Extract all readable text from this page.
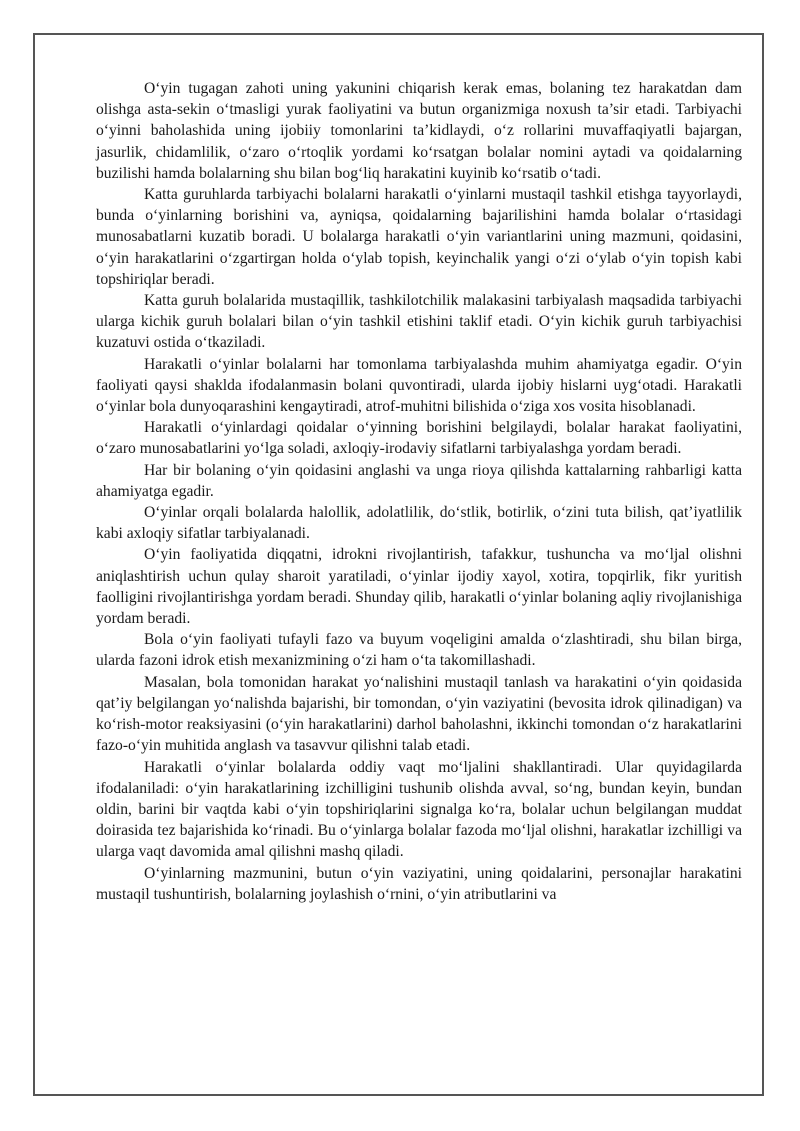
O‘yin tugagan zahoti uning yakunini chiqarish kerak emas, bolaning tez harakatdan dam olishga asta-sekin o‘tmasligi yurak faoliyatini va butun organizmiga noxush ta’sir etadi. Tarbiyachi o‘yinni baholashida uning ijobiiy tomonlarini ta’kidlaydi, o‘z rollarini muvaffaqiyatli bajargan, jasurlik, chidamlilik, o‘zaro o‘rtoqlik yordami ko‘rsatgan bolalar nomini aytadi va qoidalarning buzilishi hamda bolalarning shu bilan bog‘liq harakatini kuyinib ko‘rsatib o‘tadi.

Katta guruhlarda tarbiyachi bolalarni harakatli o‘yinlarni mustaqil tashkil etishga tayyorlaydi, bunda o‘yinlarning borishini va, ayniqsa, qoidalarning bajarilishini hamda bolalar o‘rtasidagi munosabatlarni kuzatib boradi. U bolalarga harakatli o‘yin variantlarini uning mazmuni, qoidasini, o‘yin harakatlarini o‘zgartirgan holda o‘ylab topish, keyinchalik yangi o‘zi o‘ylab o‘yin topish kabi topshiriqlar beradi.

Katta guruh bolalarida mustaqillik, tashkilotchilik malakasini tarbiyalash maqsadida tarbiyachi ularga kichik guruh bolalari bilan o‘yin tashkil etishini taklif etadi. O‘yin kichik guruh tarbiyachisi kuzatuvi ostida o‘tkaziladi.

Harakatli o‘yinlar bolalarni har tomonlama tarbiyalashda muhim ahamiyatga egadir. O‘yin faoliyati qaysi shaklda ifodalanmasin bolani quvontiradi, ularda ijobiy hislarni uyg‘otadi. Harakatli o‘yinlar bola dunyoqarashini kengaytiradi, atrof-muhitni bilishida o‘ziga xos vosita hisoblanadi.

Harakatli o‘yinlardagi qoidalar o‘yinning borishini belgilaydi, bolalar harakat faoliyatini, o‘zaro munosabatlarini yo‘lga soladi, axloqiy-irodaviy sifatlarni tarbiyalashga yordam beradi.

Har bir bolaning o‘yin qoidasini anglashi va unga rioya qilishda kattalarning rahbarligi katta ahamiyatga egadir.

O‘yinlar orqali bolalarda halollik, adolatlilik, do‘stlik, botirlik, o‘zini tuta bilish, qat’iyatlilik kabi axloqiy sifatlar tarbiyalanadi.

O‘yin faoliyatida diqqatni, idrokni rivojlantirish, tafakkur, tushuncha va mo‘ljal olishni aniqlashtirish uchun qulay sharoit yaratiladi, o‘yinlar ijodiy xayol, xotira, topqirlik, fikr yuritish faolligini rivojlantirishga yordam beradi. Shunday qilib, harakatli o‘yinlar bolaning aqliy rivojlanishiga yordam beradi.

Bola o‘yin faoliyati tufayli fazo va buyum voqeligini amalda o‘zlashtiradi, shu bilan birga, ularda fazoni idrok etish mexanizmining o‘zi ham o‘ta takomillashadi.

Masalan, bola tomonidan harakat yo‘nalishini mustaqil tanlash va harakatini o‘yin qoidasida qat’iy belgilangan yo‘nalishda bajarishi, bir tomondan, o‘yin vaziyatini (bevosita idrok qilinadigan) va ko‘rish-motor reaksiyasini (o‘yin harakatlarini) darhol baholashni, ikkinchi tomondan o‘z harakatlarini fazo-o‘yin muhitida anglash va tasavvur qilishni talab etadi.

Harakatli o‘yinlar bolalarda oddiy vaqt mo‘ljalini shakllantiradi. Ular quyidagilarda ifodalaniladi: o‘yin harakatlarining izchilligini tushunib olishda avval, so‘ng, bundan keyin, bundan oldin, barini bir vaqtda kabi o‘yin topshiriqlarini signalga ko‘ra, bolalar uchun belgilangan muddat doirasida tez bajarishida ko‘rinadi. Bu o‘yinlarga bolalar fazoda mo‘ljal olishni, harakatlar izchilligi va ularga vaqt davomida amal qilishni mashq qiladi.

O‘yinlarning mazmunini, butun o‘yin vaziyatini, uning qoidalarini, personajlar harakatini mustaqil tushuntirish, bolalarning joylashish o‘rnini, o‘yin atributlarini va
